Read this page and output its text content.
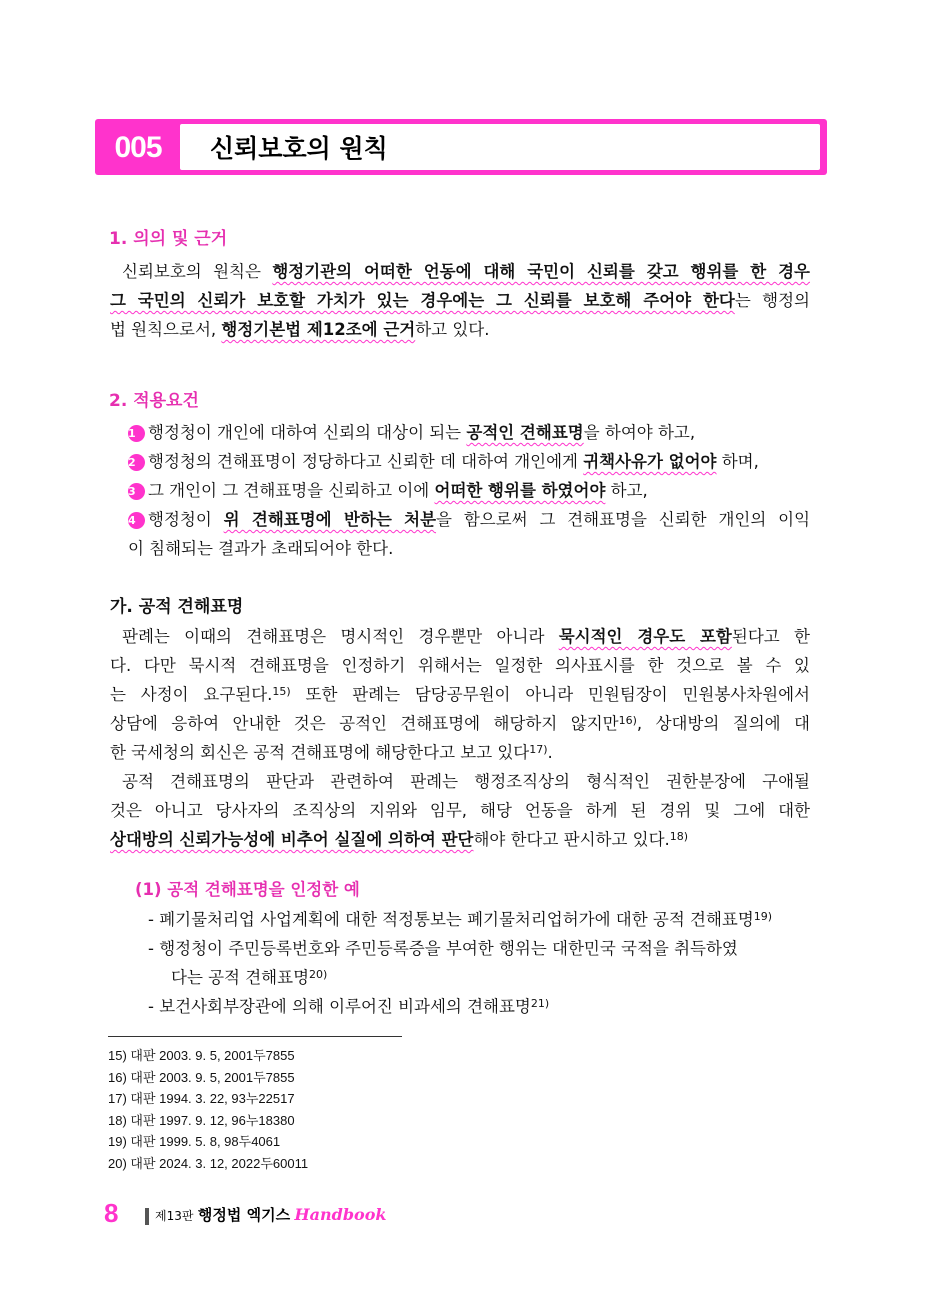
005	신뢰보호의 원칙
1. 의의 및 근거

신뢰보호의 원칙은 행정기관의 어떠한 언동에 대해 국민이 신뢰를 갖고 행위를 한 경우

그 국민의 신뢰가 보호할 가치가 있는 경우에는 그 신뢰를 보호해 주어야 한다는 행정의

법 원칙으로서, 행정기본법 제12조에 근거하고 있다.

2. 적용요건

1 행정청이 개인에 대하여 신뢰의 대상이 되는 공적인 견해표명을 하여야 하고,

2 행정청의 견해표명이 정당하다고 신뢰한 데 대하여 개인에게 귀책사유가 없어야 하며,

3 그 개인이 그 견해표명을 신뢰하고 이에 어떠한 행위를 하였어야 하고,

4 행정청이 위 견해표명에 반하는 처분을 함으로써 그 견해표명을 신뢰한 개인의 이익

이 침해되는 결과가 초래되어야 한다.

가. 공적 견해표명

판례는 이때의 견해표명은 명시적인 경우뿐만 아니라 묵시적인 경우도 포함된다고 한

다. 다만 묵시적 견해표명을 인정하기 위해서는 일정한 의사표시를 한 것으로 볼 수 있

는 사정이 요구된다.$^{15)}$ 또한 판례는 담당공무원이 아니라 민원팀장이 민원봉사차원에서

상담에 응하여 안내한 것은 공적인 견해표명에 해당하지 않지만$^{16)}$, 상대방의 질의에 대

한 국세청의 회신은 공적 견해표명에 해당한다고 보고 있다$^{17)}$.

공적 견해표명의 판단과 관련하여 판례는 행정조직상의 형식적인 권한분장에 구애될

것은 아니고 당사자의 조직상의 지위와 임무, 해당 언동을 하게 된 경위 및 그에 대한

상대방의 신뢰가능성에 비추어 실질에 의하여 판단해야 한다고 판시하고 있다.$^{18)}$

(1) 공적 견해표명을 인정한 예

- 폐기물처리업 사업계획에 대한 적정통보는 폐기물처리업허가에 대한 공적 견해표명$^{19)}$

- 행정청이 주민등록번호와 주민등록증을 부여한 행위는 대한민국 국적을 취득하였

다는 공적 견해표명$^{20)}$

- 보건사회부장관에 의해 이루어진 비과세의 견해표명$^{21)}$

15) 대판 2003. 9. 5, 2001두7855
16) 대판 2003. 9. 5, 2001두7855
17) 대판 1994. 3. 22, 93누22517
18) 대판 1997. 9. 12, 96누18380
19) 대판 1999. 5. 8, 98두4061
20) 대판 2024. 3. 12, 2022두60011
8	제13판 행정법 엑기스 Handbook
